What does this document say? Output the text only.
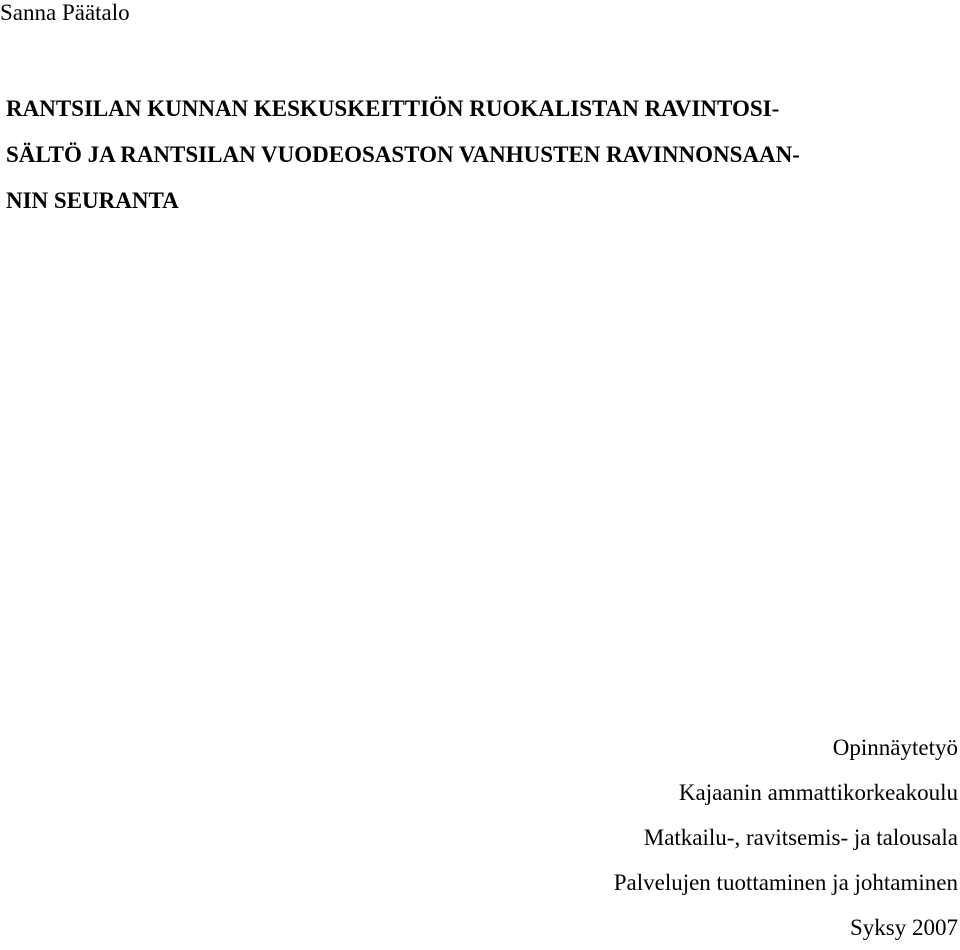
Sanna Päätalo
RANTSILAN KUNNAN KESKUSKEITTIÖN RUOKALISTAN RAVINTOSI-
SÄLTÖ JA RANTSILAN VUODEOSASTON VANHUSTEN RAVINNONSAAN-
NIN SEURANTA
Opinnäytetyö
Kajaanin ammattikorkeakoulu
Matkailu-, ravitsemis- ja talousala
Palvelujen tuottaminen ja johtaminen
Syksy 2007
